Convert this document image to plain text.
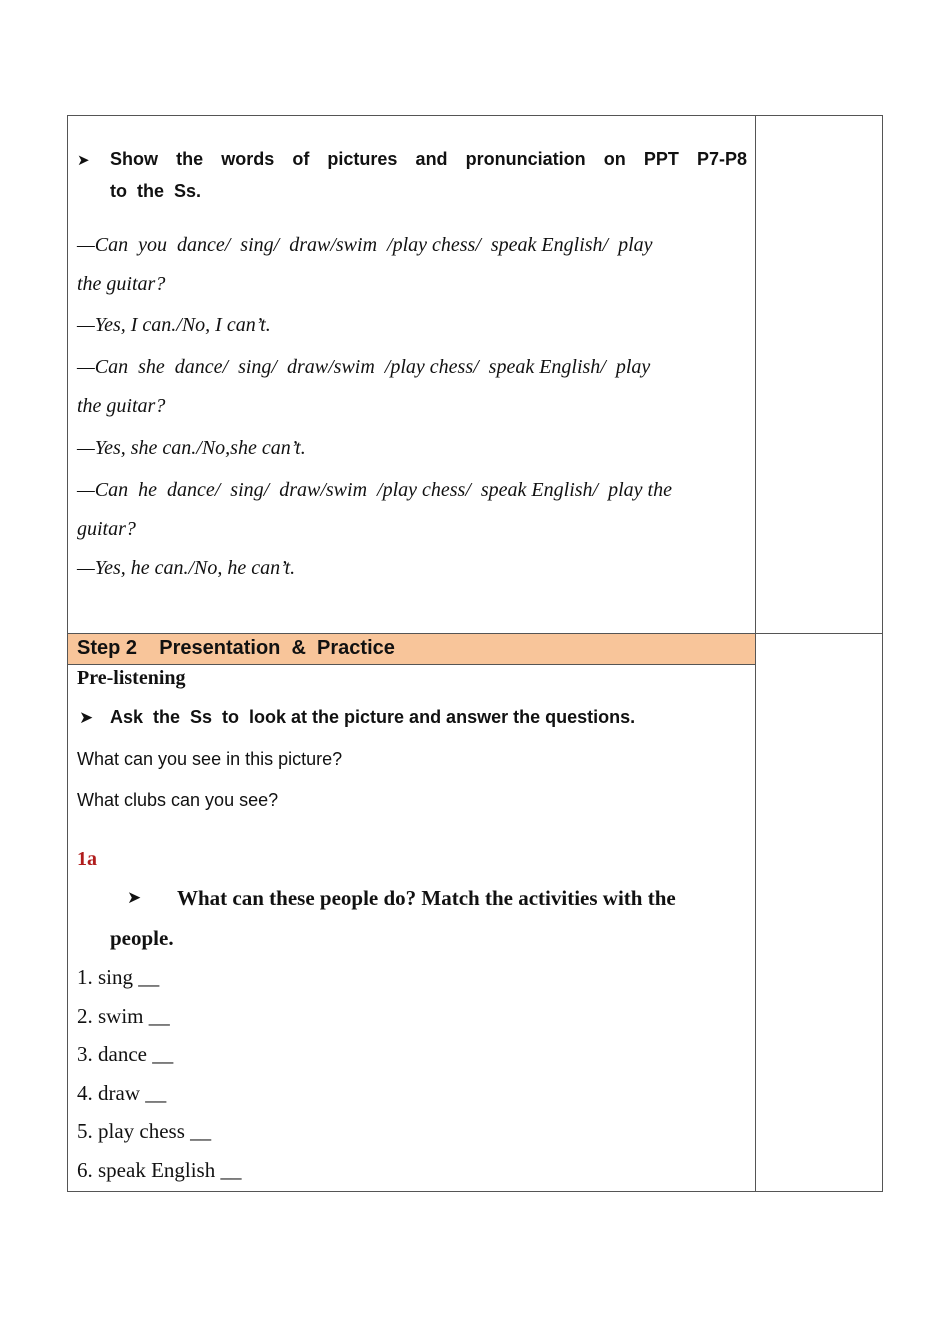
Step 2    Presentation  &  Practice
➤ Show  the  words  of  pictures  and  pronunciation  on  PPT  P7-P8
to  the  Ss.
—Can  you  dance/  sing/  draw/swim  /play chess/  speak English/  play
the guitar?
—Yes, I can./No, I can’t.
—Can  she  dance/  sing/  draw/swim  /play chess/  speak English/  play
the guitar?
—Yes, she can./No,she can’t.
—Can  he  dance/  sing/  draw/swim  /play chess/  speak English/  play the
guitar?
—Yes, he can./No, he can’t.
Pre-listening
➤ Ask  the  Ss  to  look at the picture and answer the questions.
What can you see in this picture?
What clubs can you see?
1a
➤ What can these people do? Match the activities with the
people.
1. sing __
2. swim __
3. dance __
4. draw __
5. play chess __
6. speak English __
